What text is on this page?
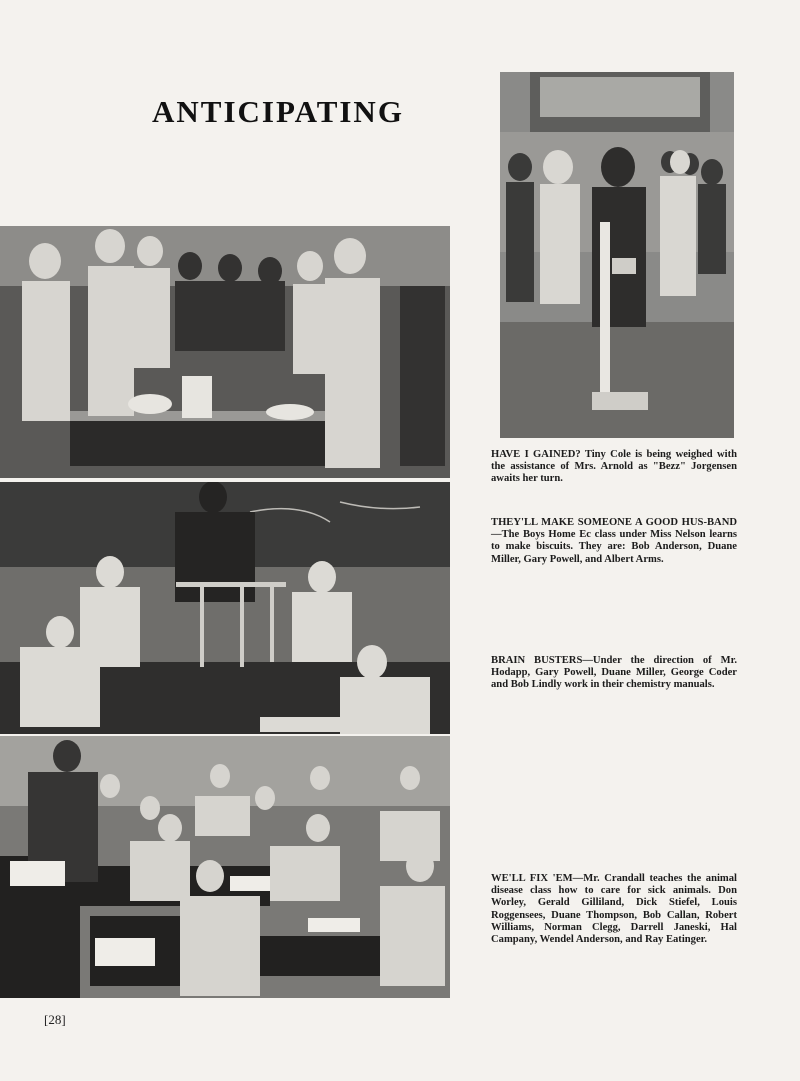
ANTICIPATING
HAVE I GAINED? Tiny Cole is being weighed with the assistance of Mrs. Arnold as "Bezz" Jorgensen awaits her turn.
THEY'LL MAKE SOMEONE A GOOD HUS-BAND—The Boys Home Ec class under Miss Nelson learns to make biscuits. They are: Bob Anderson, Duane Miller, Gary Powell, and Albert Arms.
BRAIN BUSTERS—Under the direction of Mr. Hodapp, Gary Powell, Duane Miller, George Coder and Bob Lindly work in their chemistry manuals.
WE'LL FIX 'EM—Mr. Crandall teaches the animal disease class how to care for sick animals. Don Worley, Gerald Gilliland, Dick Stiefel, Louis Roggensees, Duane Thompson, Bob Callan, Robert Williams, Norman Clegg, Darrell Janeski, Hal Campany, Wendel Anderson, and Ray Eatinger.
[28]
